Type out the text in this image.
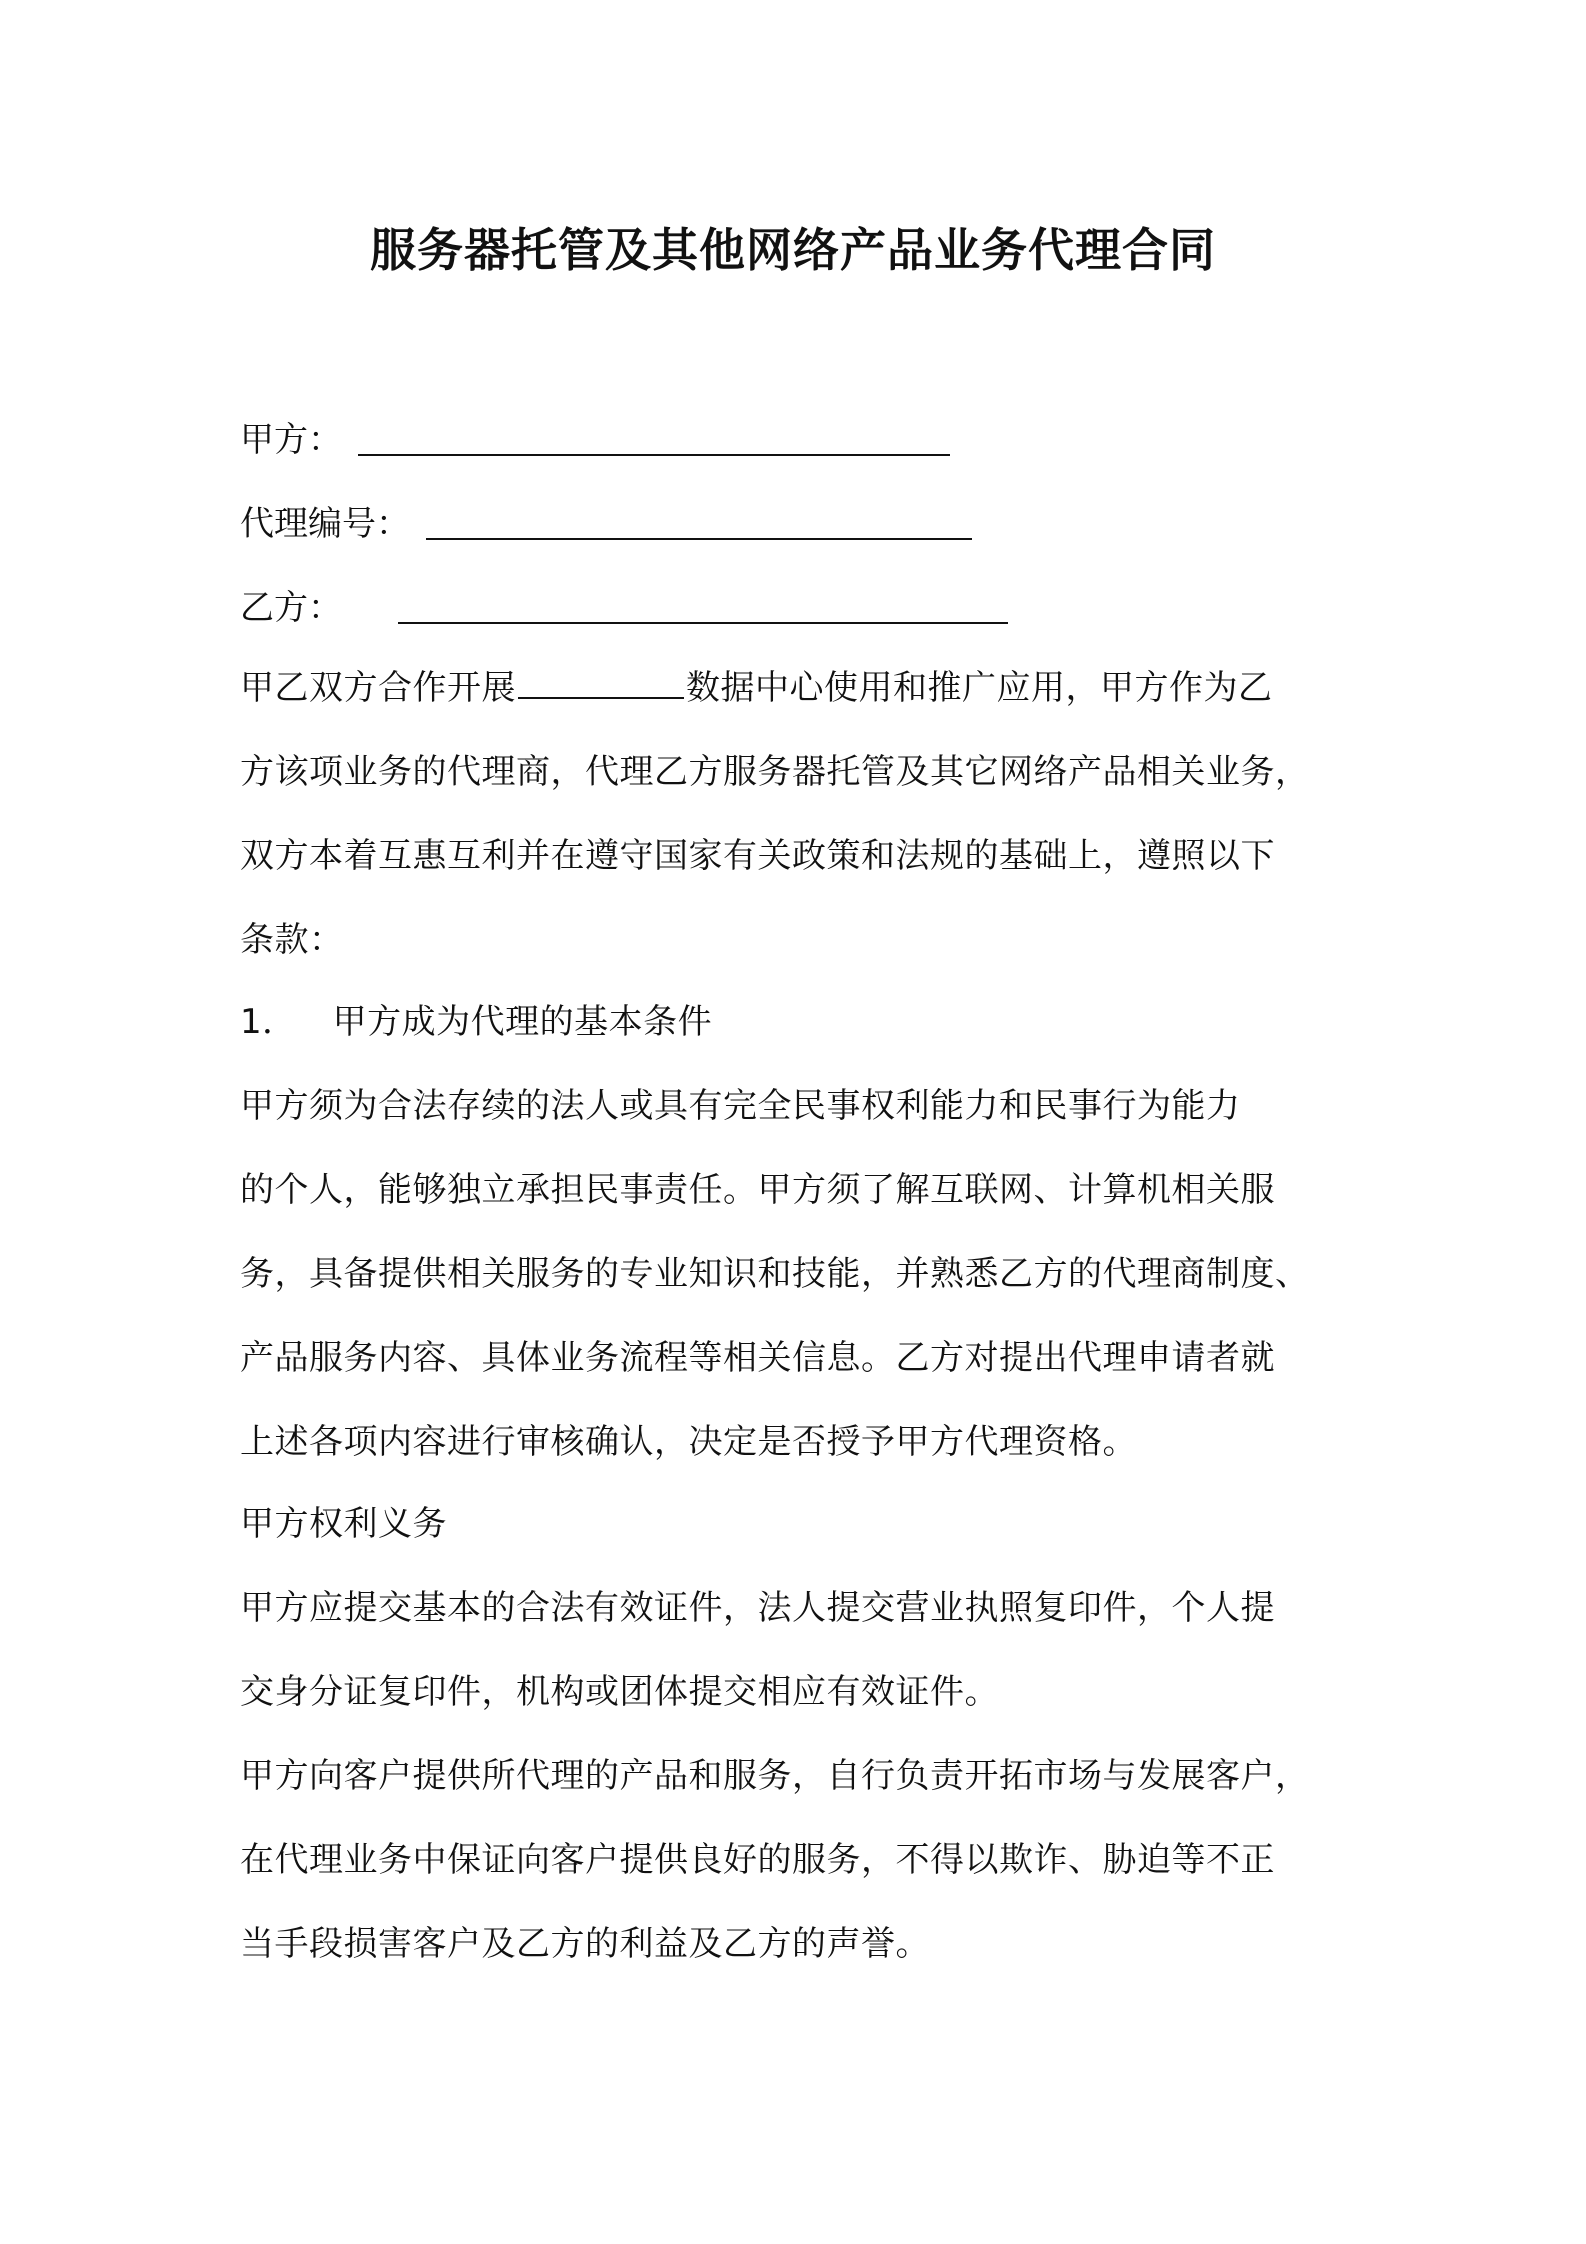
服务器托管及其他网络产品业务代理合同
甲方：
代理编号：
乙方：
甲乙双方合作开展	数据中心使用和推广应用，甲方作为乙
方该项业务的代理商，代理乙方服务器托管及其它网络产品相关业务，
双方本着互惠互利并在遵守国家有关政策和法规的基础上，遵照以下
条款：
1． 甲方成为代理的基本条件
甲方须为合法存续的法人或具有完全民事权利能力和民事行为能力
的个人，能够独立承担民事责任。甲方须了解互联网、计算机相关服
务，具备提供相关服务的专业知识和技能，并熟悉乙方的代理商制度、
产品服务内容、具体业务流程等相关信息。乙方对提出代理申请者就
上述各项内容进行审核确认，决定是否授予甲方代理资格。
甲方权利义务
甲方应提交基本的合法有效证件，法人提交营业执照复印件，个人提
交身分证复印件，机构或团体提交相应有效证件。
甲方向客户提供所代理的产品和服务，自行负责开拓市场与发展客户，
在代理业务中保证向客户提供良好的服务，不得以欺诈、胁迫等不正
当手段损害客户及乙方的利益及乙方的声誉。
